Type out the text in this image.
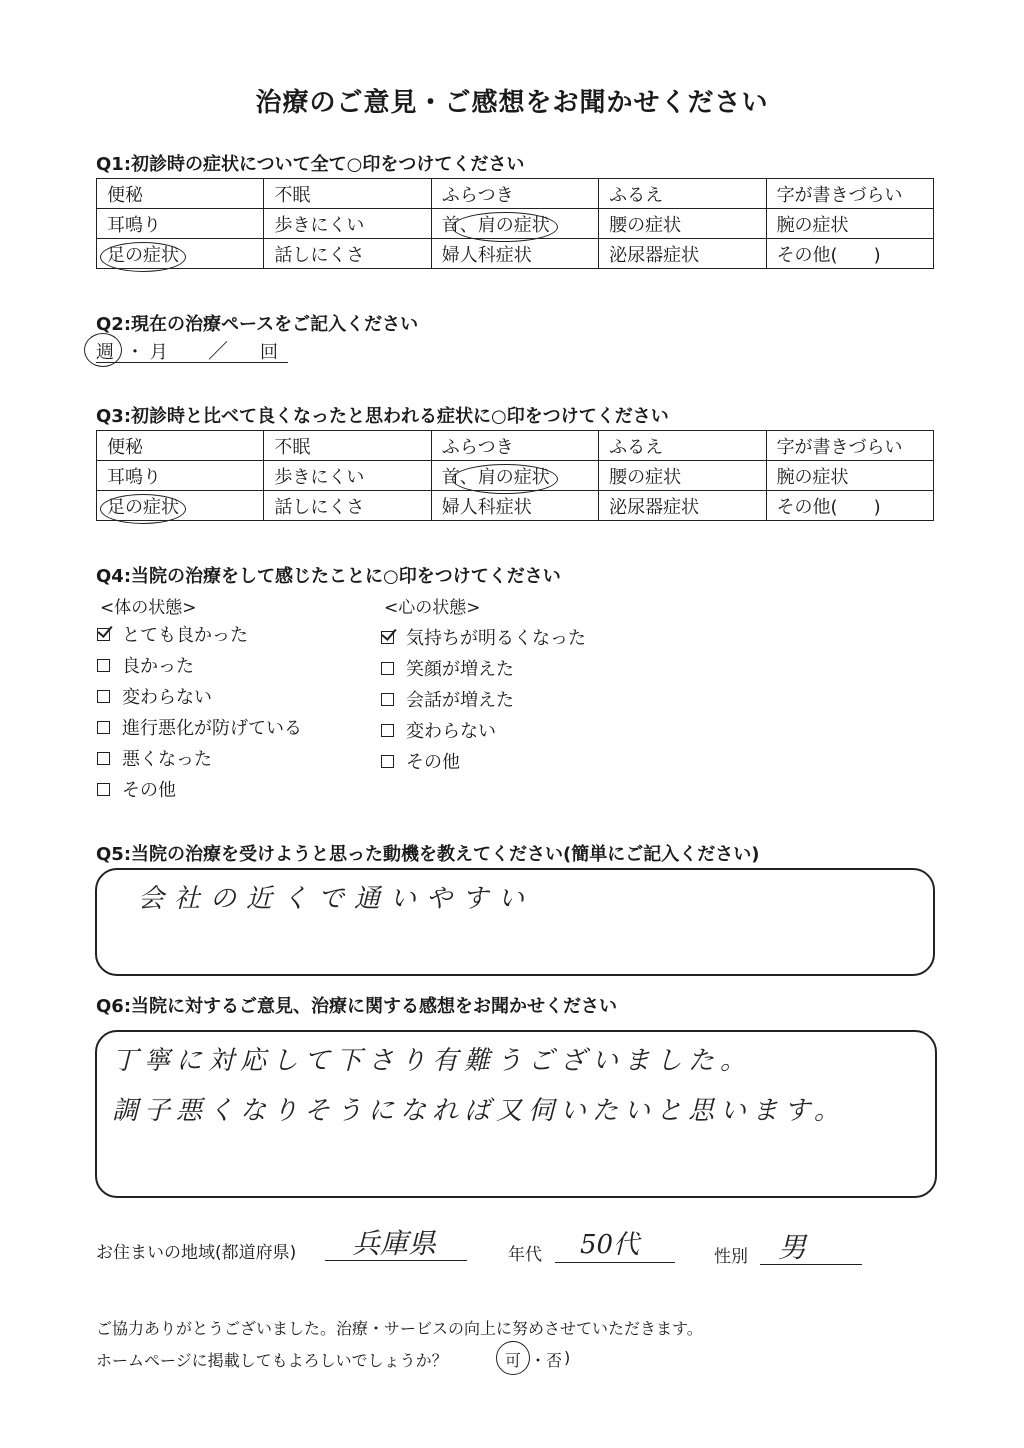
治療のご意見・ご感想をお聞かせください
Q1:初診時の症状について全て○印をつけてください
便秘	不眠	ふらつき	ふるえ	字が書きづらい
耳鳴り	歩きにくい	首、肩の症状	腰の症状	腕の症状
足の症状	話しにくさ	婦人科症状	泌尿器症状	その他(　　)
Q2:現在の治療ペースをご記入ください
週 ・ 月 ／ 回
Q3:初診時と比べて良くなったと思われる症状に○印をつけてください
便秘	不眠	ふらつき	ふるえ	字が書きづらい
耳鳴り	歩きにくい	首、肩の症状	腰の症状	腕の症状
足の症状	話しにくさ	婦人科症状	泌尿器症状	その他(　　)
Q4:当院の治療をして感じたことに○印をつけてください
<体の状態>	<心の状態>
とても良かった
良かった
変わらない
進行悪化が防げている
悪くなった
その他
気持ちが明るくなった
笑顔が増えた
会話が増えた
変わらない
その他
Q5:当院の治療を受けようと思った動機を教えてください(簡単にご記入ください)
会社の近くで通いやすい
Q6:当院に対するご意見、治療に関する感想をお聞かせください
丁寧に対応して下さり有難うございました。
調子悪くなりそうになれば又伺いたいと思います。
お住まいの地域(都道府県) 兵庫県	年代 50代	性別 男
ご協力ありがとうございました。治療・サービスの向上に努めさせていただきます。
ホームページに掲載してもよろしいでしょうか？	可 ・ 否 )
